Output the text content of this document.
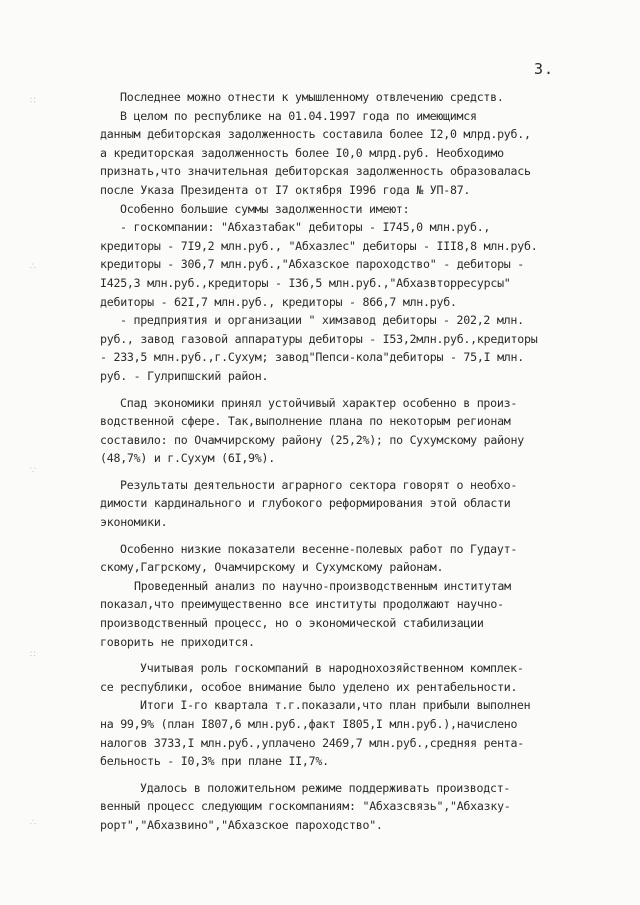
3.
∷
∴
∵
∷
∴
Последнее можно отнести к умышленному отвлечению средств.
В целом по республике на 01.04.1997 года по имеющимся
данным дебиторская задолженность составила более I2,0 млрд.руб.,
а кредиторская задолженность более I0,0 млрд.руб. Необходимо
признать,что значительная дебиторская задолженность образовалась
после Указа Президента от I7 октября I996 года № УП-87.
Особенно большие суммы задолженности имеют:
- госкомпании: "Абхазтабак" дебиторы - I745,0 млн.руб.,
кредиторы - 7I9,2 млн.руб., "Абхазлес" дебиторы - III8,8 млн.руб.
кредиторы - 306,7 млн.руб.,"Абхазское пароходство" - дебиторы -
I425,3 млн.руб.,кредиторы - I36,5 млн.руб.,"Абхазвторресурсы"
дебиторы - 62I,7 млн.руб., кредиторы - 866,7 млн.руб.
- предприятия и организации " химзавод дебиторы - 202,2 млн.
руб., завод газовой аппаратуры дебиторы - I53,2млн.руб.,кредиторы
- 233,5 млн.руб.,г.Сухум; завод"Пепси-кола"дебиторы - 75,I млн.
руб. - Гулрипшский район.
Спад экономики принял устойчивый характер особенно в произ-
водственной сфере. Так,выполнение плана по некоторым регионам
составило: по Очамчирскому району (25,2%); по Сухумскому району
(48,7%) и г.Сухум (6I,9%).
Результаты деятельности аграрного сектора говорят о необхо-
димости кардинального и глубокого реформирования этой области
экономики.
Особенно низкие показатели весенне-полевых работ по Гудаут-
скому,Гагрскому, Очамчирскому и Сухумскому районам.
Проведенный анализ по научно-производственным институтам
показал,что преимущественно все институты продолжают научно-
производственный процесс, но о экономической стабилизации
говорить не приходится.
Учитывая роль госкомпаний в народнохозяйственном комплек-
се республики, особое внимание было уделено их рентабельности.
Итоги I-го квартала т.г.показали,что план прибыли выполнен
на 99,9% (план I807,6 млн.руб.,факт I805,I млн.руб.),начислено
налогов 3733,I млн.руб.,уплачено 2469,7 млн.руб.,средняя рента-
бельность - I0,3% при плане II,7%.
Удалось в положительном режиме поддерживать производст-
венный процесс следующим госкомпаниям: "Абхазсвязь","Абхазку-
рорт","Абхазвино","Абхазское пароходство".
